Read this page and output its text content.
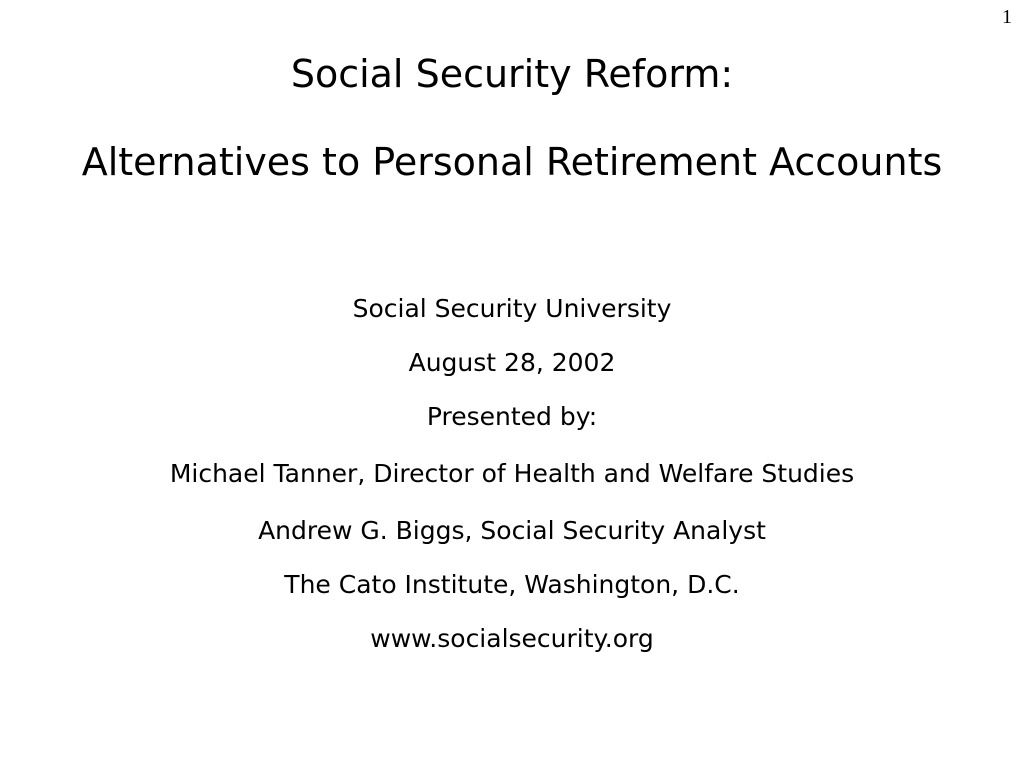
1
Social Security Reform:
Alternatives to Personal Retirement Accounts

Social Security University

August 28, 2002

Presented by:

Michael Tanner, Director of Health and Welfare Studies

Andrew G. Biggs, Social Security Analyst

The Cato Institute, Washington, D.C.

www.socialsecurity.org
